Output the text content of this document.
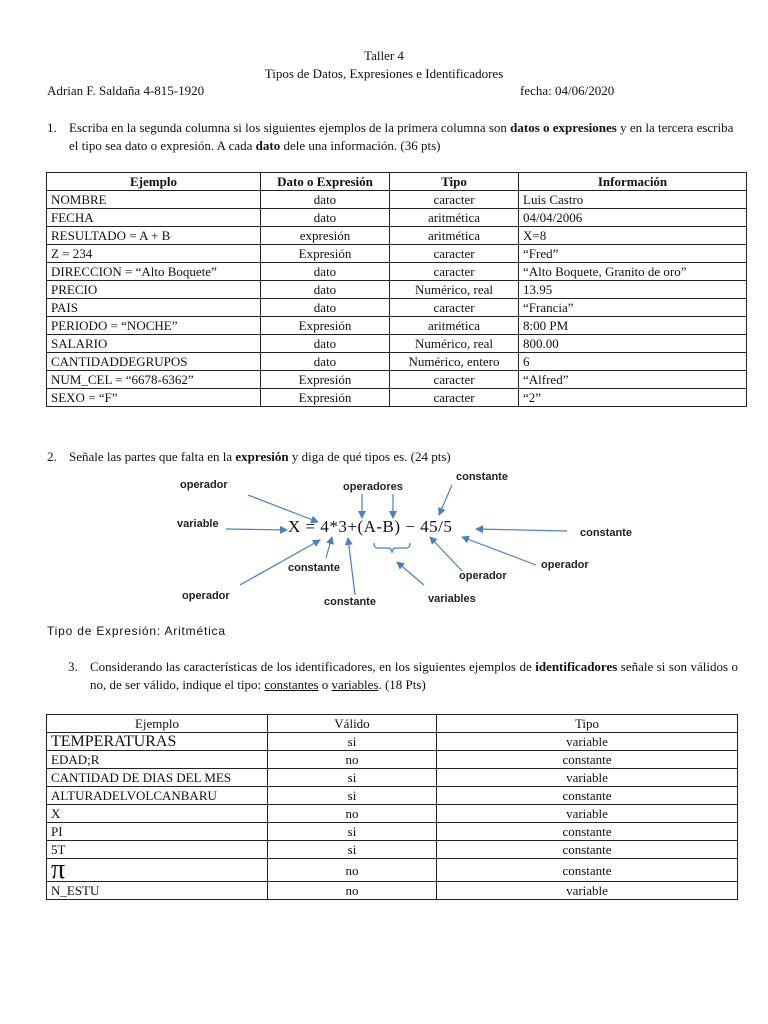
Taller 4
Tipos de Datos, Expresiones e Identificadores
Adrian F. Saldaña 4-815-1920	fecha: 04/06/2020
1. Escriba en la segunda columna si los siguientes ejemplos de la primera columna son datos o expresiones y en la tercera escriba el tipo sea dato o expresión. A cada dato dele una información. (36 pts)
Ejemplo	Dato o Expresión	Tipo	Información
NOMBRE	dato	caracter	Luis Castro
FECHA	dato	aritmética	04/04/2006
RESULTADO = A + B	expresión	aritmética	X=8
Z = 234	Expresión	caracter	“Fred”
DIRECCION = “Alto Boquete”	dato	caracter	“Alto Boquete, Granito de oro”
PRECIO	dato	Numérico, real	13.95
PAIS	dato	caracter	“Francia”
PERIODO = “NOCHE”	Expresión	aritmética	8:00 PM
SALARIO	dato	Numérico, real	800.00
CANTIDADDEGRUPOS	dato	Numérico, entero	6
NUM_CEL = “6678-6362”	Expresión	caracter	“Alfred”
SEXO = “F”	Expresión	caracter	“2”
2. Señale las partes que falta en la expresión y diga de qué tipos es. (24 pts)
operador	operadores
constante
variable
constante
constante	operador
operador
operador	constante	variables
X = 4*3+(A-B) − 45/5
Tipo de Expresión: Aritmética
3. Considerando las características de los identificadores, en los siguientes ejemplos de identificadores señale si son válidos o no, de ser válido, indique el tipo: constantes o variables. (18 Pts)
Ejemplo	Válido	Tipo
TEMPERATURAS	si	variable
EDAD;R	no	constante
CANTIDAD DE DIAS DEL MES	si	variable
ALTURADELVOLCANBARU	si	constante
X	no	variable
PI	si	constante
5T	si	constante
π	no	constante
N_ESTU	no	variable
